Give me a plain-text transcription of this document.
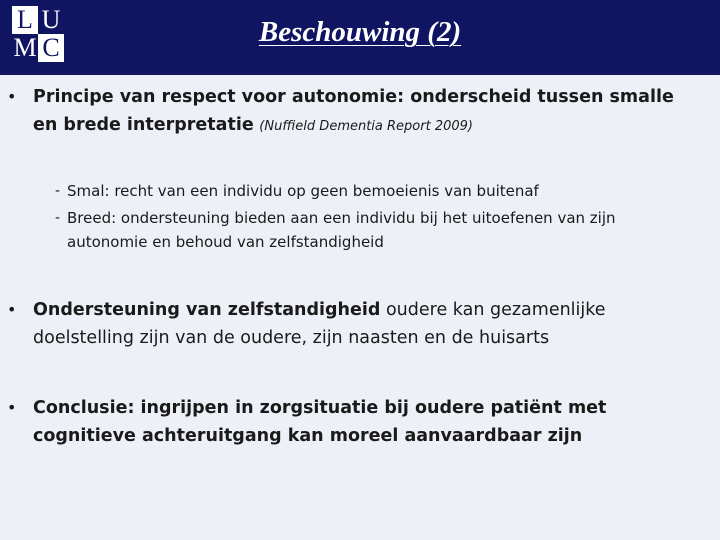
L U
M C	Beschouwing (2)
• Principe van respect voor autonomie: onderscheid tussen smalle en brede interpretatie (Nuffield Dementia Report 2009)
- Smal: recht van een individu op geen bemoeienis van buitenaf
- Breed: ondersteuning bieden aan een individu bij het uitoefenen van zijn autonomie en behoud van zelfstandigheid
• Ondersteuning van zelfstandigheid oudere kan gezamenlijke doelstelling zijn van de oudere, zijn naasten en de huisarts
• Conclusie: ingrijpen in zorgsituatie bij oudere patiënt met cognitieve achteruitgang kan moreel aanvaardbaar zijn
